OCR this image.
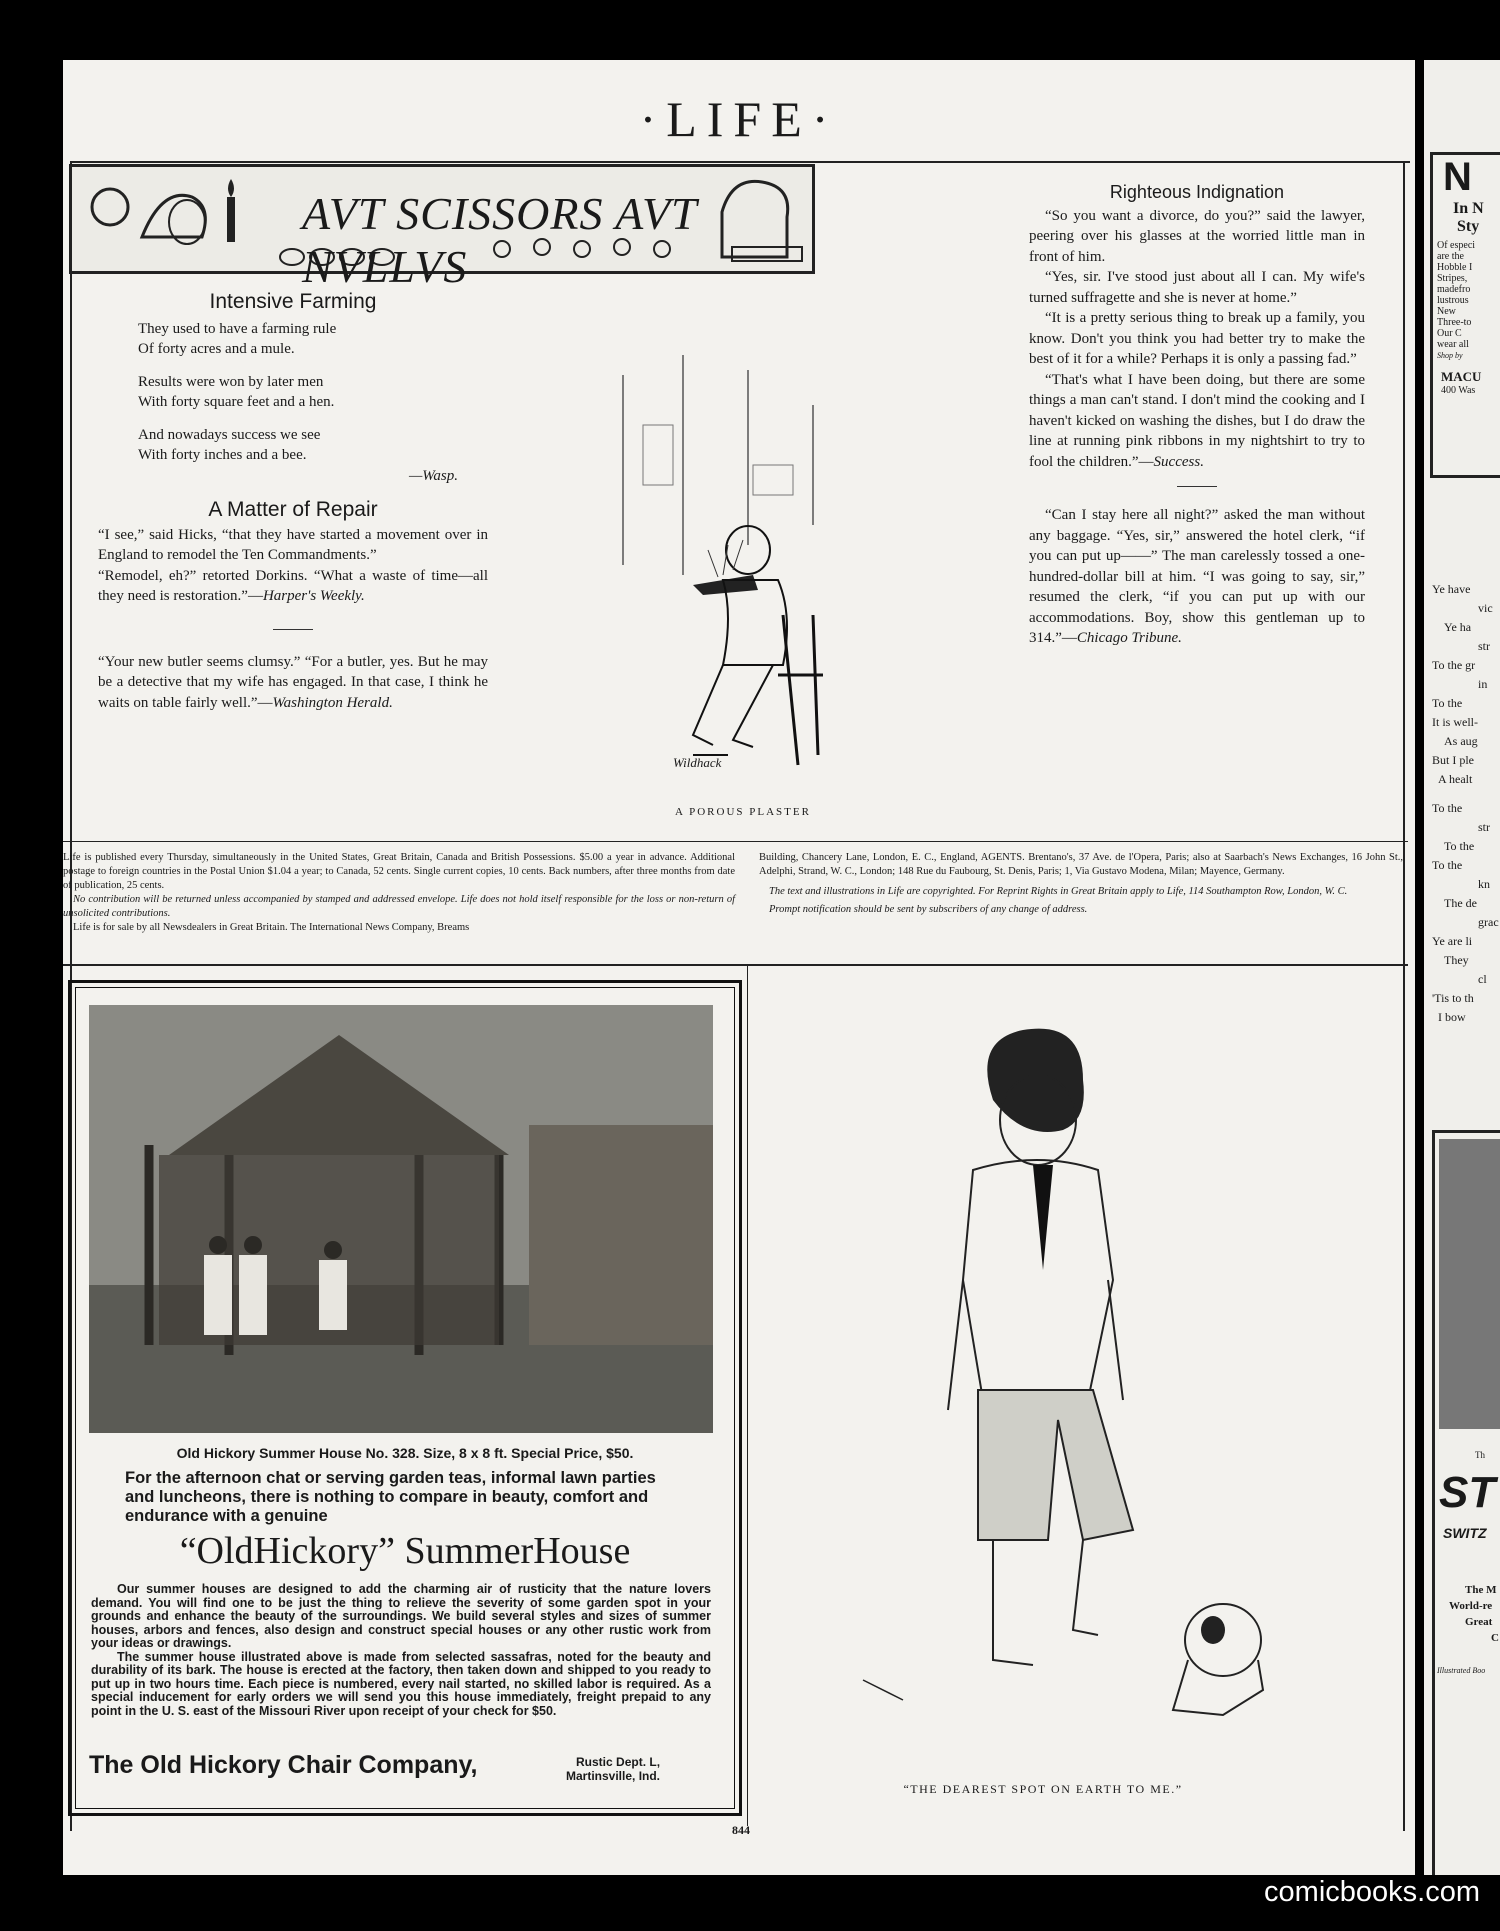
·LIFE·
AVT SCISSORS AVT NVLLVS
Intensive Farming

They used to have a farming rule

Of forty acres and a mule.

Results were won by later men

With forty square feet and a hen.

And nowadays success we see

With forty inches and a bee.

—Wasp.

A Matter of Repair

“I see,” said Hicks, “that they have started a movement over in England to remodel the Ten Commandments.”

“Remodel, eh?” retorted Dorkins. “What a waste of time—all they need is restoration.”—Harper's Weekly.

“Your new butler seems clumsy.” “For a butler, yes. But he may be a detective that my wife has engaged. In that case, I think he waits on table fairly well.”—Washington Herald.

Wildhack
A POROUS PLASTER
Righteous Indignation

“So you want a divorce, do you?” said the lawyer, peering over his glasses at the worried little man in front of him.

“Yes, sir. I've stood just about all I can. My wife's turned suffragette and she is never at home.”

“It is a pretty serious thing to break up a family, you know. Don't you think you had better try to make the best of it for a while? Perhaps it is only a passing fad.”

“That's what I have been doing, but there are some things a man can't stand. I don't mind the cooking and I haven't kicked on washing the dishes, but I do draw the line at running pink ribbons in my nightshirt to try to fool the children.”—Success.

“Can I stay here all night?” asked the man without any baggage. “Yes, sir,” answered the hotel clerk, “if you can put up——” The man carelessly tossed a one-hundred-dollar bill at him. “I was going to say, sir,” resumed the clerk, “if you can put up with our accommodations. Boy, show this gentleman up to 314.”—Chicago Tribune.

Life is published every Thursday, simultaneously in the United States, Great Britain, Canada and British Possessions. $5.00 a year in advance. Additional postage to foreign countries in the Postal Union $1.04 a year; to Canada, 52 cents. Single current copies, 10 cents. Back numbers, after three months from date of publication, 25 cents.
No contribution will be returned unless accompanied by stamped and addressed envelope. Life does not hold itself responsible for the loss or non-return of unsolicited contributions.
Life is for sale by all Newsdealers in Great Britain. The International News Company, Breams
Building, Chancery Lane, London, E. C., England, AGENTS. Brentano's, 37 Ave. de l'Opera, Paris; also at Saarbach's News Exchanges, 16 John St., Adelphi, Strand, W. C., London; 148 Rue du Faubourg, St. Denis, Paris; 1, Via Gustavo Modena, Milan; Mayence, Germany.
The text and illustrations in Life are copyrighted. For Reprint Rights in Great Britain apply to Life, 114 Southampton Row, London, W. C.
Prompt notification should be sent by subscribers of any change of address.
Old Hickory Summer House No. 328. Size, 8 x 8 ft. Special Price, $50.
For the afternoon chat or serving garden teas, informal lawn parties and luncheons, there is nothing to compare in beauty, comfort and endurance with a genuine
“OldHickory” SummerHouse
Our summer houses are designed to add the charming air of rusticity that the nature lovers demand. You will find one to be just the thing to relieve the severity of some garden spot in your grounds and enhance the beauty of the surroundings. We build several styles and sizes of summer houses, arbors and fences, also design and construct special houses or any other rustic work from your ideas or drawings.
The summer house illustrated above is made from selected sassafras, noted for the beauty and durability of its bark. The house is erected at the factory, then taken down and shipped to you ready to put up in two hours time. Each piece is numbered, every nail started, no skilled labor is required. As a special inducement for early orders we will send you this house immediately, freight prepaid to any point in the U. S. east of the Missouri River upon receipt of your check for $50.
The Old Hickory Chair Company,	Rustic Dept. L,
Martinsville, Ind.
“THE DEAREST SPOT ON EARTH TO ME.”
844
N
In N
Sty
Of especi
are the
Hobble I
Stripes,
madefro
lustrous
New
Three-to
Our C
wear all
Shop by
MACU
400 Was
Ye have
vic
Ye ha
str
To the gr
in
To the
It is well-
As aug
But I ple
A healt
To the
str
To the
To the
kn
The de
grac
Ye are li
They
cl
'Tis to th
I bow
Th
ST
SWITZ
The M
World-re
Great
C
Illustrated Boo
comicbooks.com
